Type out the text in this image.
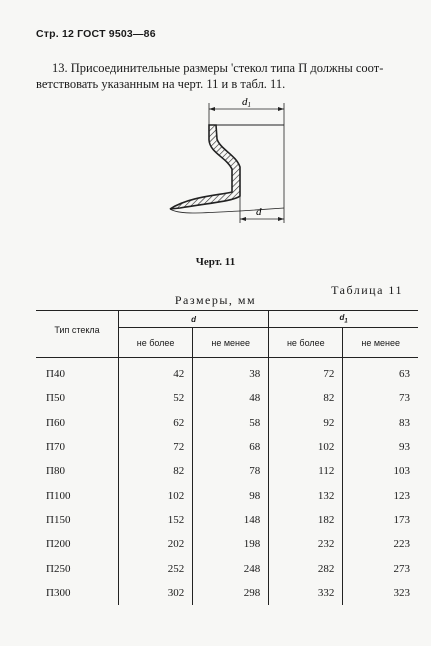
Стр. 12 ГОСТ 9503—86
13. Присоединительные размеры 'стекол типа П должны соот-
ветствовать указанным на черт. 11 и в табл. 11.
d1
d
Черт. 11
Таблица 11
Размеры, мм
Тип стекла	d		$d_1$
	не более	не менее	не более	не менее
П40	42	38	72	63
П50	52	48	82	73
П60	62	58	92	83
П70	72	68	102	93
П80	82	78	112	103
П100	102	98	132	123
П150	152	148	182	173
П200	202	198	232	223
П250	252	248	282	273
П300	302	298	332	323
